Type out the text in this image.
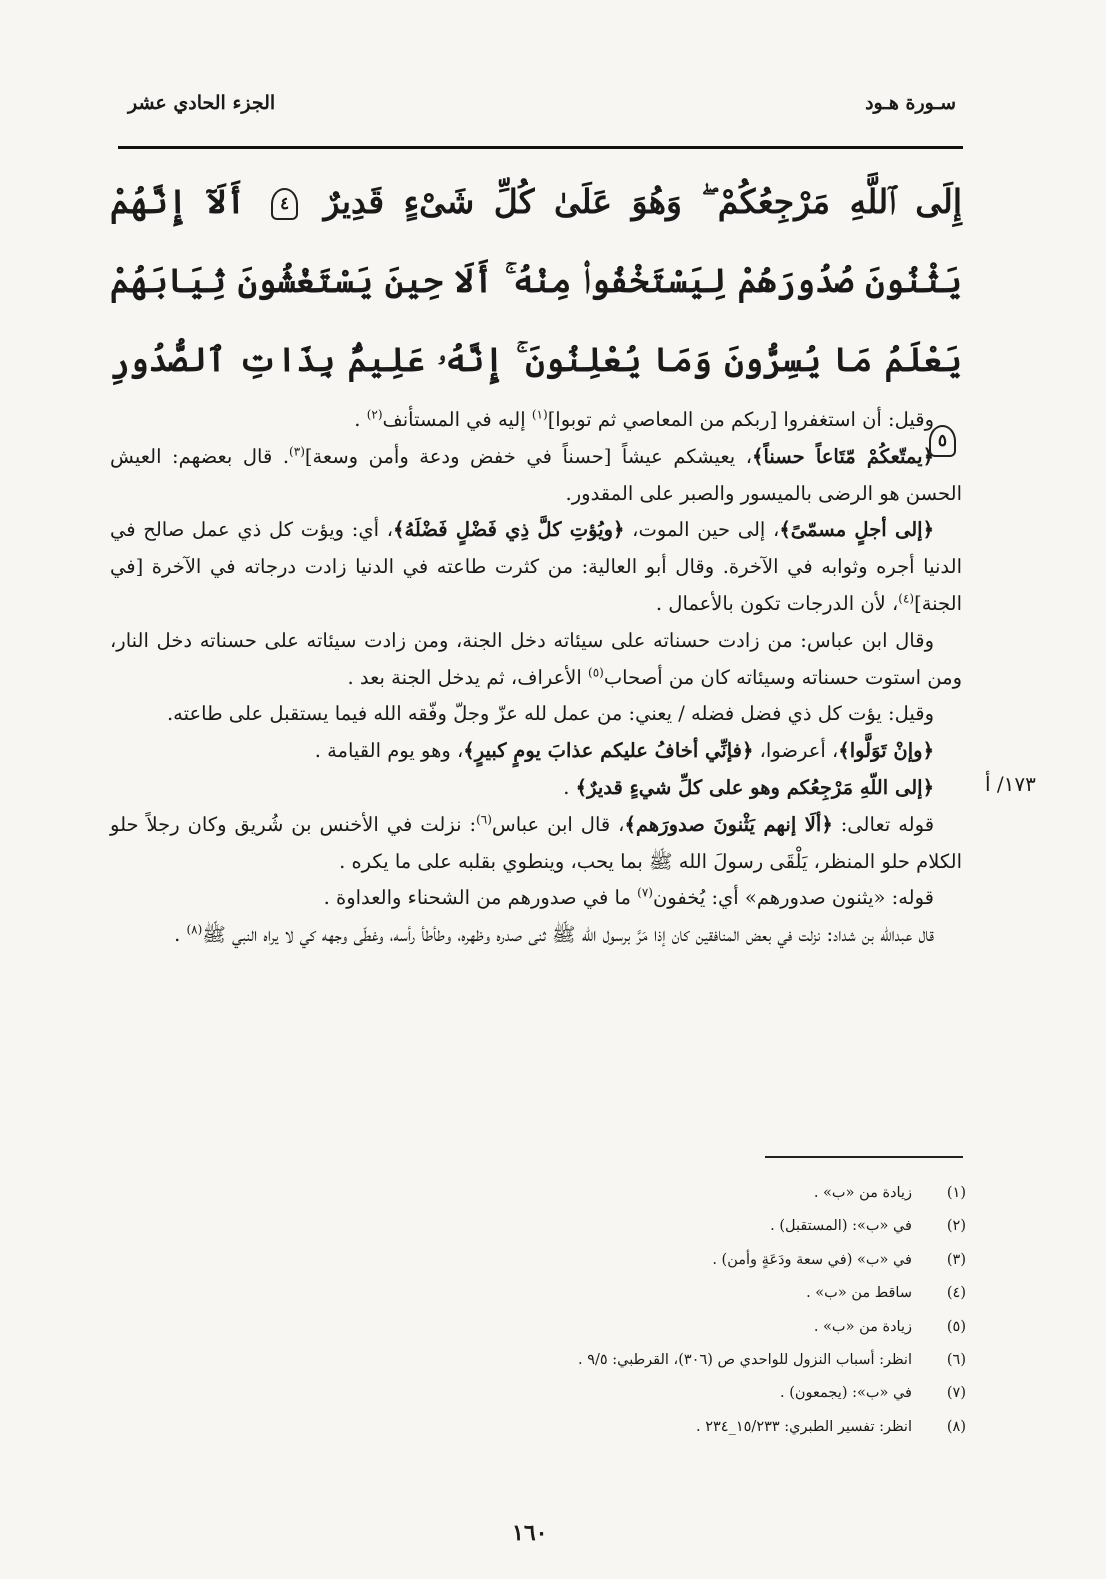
سـورة هـود
الجزء الحادي عشر
إِلَى ٱللَّهِ مَرْجِعُكُمْ ۖ وَهُوَ عَلَىٰ كُلِّ شَىْءٍ قَدِيرٌ ٤ أَلَآ إِنَّهُمْ يَثْنُونَ صُدُورَهُمْ لِيَسْتَخْفُوا۟ مِنْهُ ۚ أَلَا حِينَ يَسْتَغْشُونَ ثِيَابَهُمْ يَعْلَمُ مَا يُسِرُّونَ وَمَا يُعْلِنُونَ ۚ إِنَّهُۥ عَلِيمٌۢ بِذَاتِ ٱلصُّدُورِ ٥

وقيل: أن استغفروا [ربكم من المعاصي ثم توبوا]$^{(١)}$ إليه في المستأنف$^{(٢)}$ .

﴿يمتّعكُمْ مّتَاعاً حسناً﴾، يعيشكم عيشاً [حسناً في خفض ودعة وأمن وسعة]$^{(٣)}$. قال بعضهم: العيش الحسن هو الرضى بالميسور والصبر على المقدور.

﴿إلى أجلٍ مسمّىً﴾، إلى حين الموت، ﴿ويُؤتِ كلَّ ذِي فَضْلٍ فَضْلَهُ﴾، أي: ويؤت كل ذي عمل صالح في الدنيا أجره وثوابه في الآخرة. وقال أبو العالية: من كثرت طاعته في الدنيا زادت درجاته في الآخرة [في الجنة]$^{(٤)}$، لأن الدرجات تكون بالأعمال .

وقال ابن عباس: من زادت حسناته على سيئاته دخل الجنة، ومن زادت سيئاته على حسناته دخل النار، ومن استوت حسناته وسيئاته كان من أصحاب$^{(٥)}$ الأعراف، ثم يدخل الجنة بعد .

وقيل: يؤت كل ذي فضل فضله / يعني: من عمل لله عزّ وجلّ وفّقه الله فيما يستقبل على طاعته.

﴿وإنْ تَوَلَّوا﴾، أعرضوا، ﴿فإنِّي أخافُ عليكم عذابَ يومٍ كبيرٍ﴾، وهو يوم القيامة .

﴿إلى اللّهِ مَرْجِعُكم وهو على كلِّ شيءٍ قديرٌ﴾ .

قوله تعالى: ﴿ألَا إنهم يَثْنونَ صدورَهم﴾، قال ابن عباس$^{(٦)}$: نزلت في الأخنس بن شُريق وكان رجلاً حلو الكلام حلو المنظر، يَلْقَى رسولَ الله ﷺ بما يحب، وينطوي بقلبه على ما يكره .

قوله: «يثنون صدورهم» أي: يُخفون$^{(٧)}$ ما في صدورهم من الشحناء والعداوة .

قال عبدالله بن شداد: نزلت في بعض المنافقين كان إذا مَرَّ برسول الله ﷺ ثنى صدره وظهره، وطأطأ رأسه، وغطّى وجهه كي لا يراه النبي ﷺ$^{(٨)}$ .

١٧٣/ أ
(١)
زيادة من «ب» .
(٢)
في «ب»: (المستقبل) .
(٣)
في «ب» (في سعة ودَعَةٍ وأمن) .
(٤)
ساقط من «ب» .
(٥)
زيادة من «ب» .
(٦)
انظر: أسباب النزول للواحدي ص (٣٠٦)، القرطبي: ٩/٥ .
(٧)
في «ب»: (يجمعون) .
(٨)
انظر: تفسير الطبري: ١٥/٢٣٣_٢٣٤ .
١٦٠
